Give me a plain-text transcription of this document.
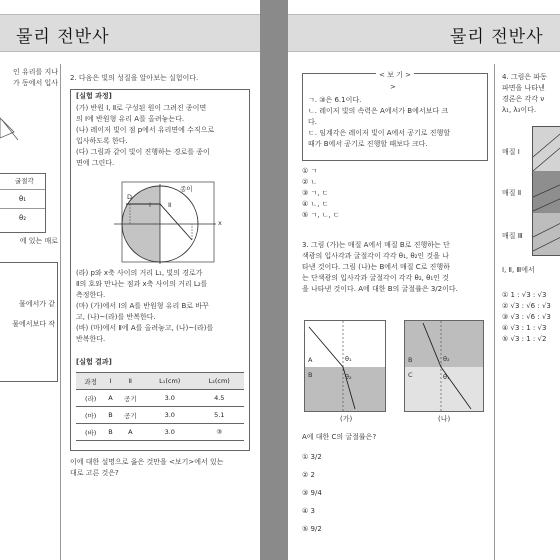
물리 전반사
인 유리를 지나
가 동에서 입사
굴절각
θ₁
θ₂
에 있는 매로
물에서가 같
물에서보다 작
2. 다음은 빛의 성질을 알아보는 실험이다.
[실험 과정]
(가) 반원 Ⅰ, Ⅱ로 구성된 원이 그려진 종이면
의 Ⅰ에 반원형 유리 A를 올려놓는다.
(나) 레이저 빛이 점 p에서 유리면에 수직으로
입사하도록 한다.
(다) 그림과 같이 빛이 진행하는 경로를 종이
면에 그린다.
종이
Ⅰ	Ⅱ
D
x
(라) p와 x축 사이의 거리 L₁, 빛의 경로가
Ⅱ의 호와 만나는 점과 x축 사이의 거리 L₂를
측정한다.
(마) (가)에서 Ⅰ의 A를 반원형 유리 B로 바꾸
고, (나)~(라)를 반복한다.
(바) (마)에서 Ⅱ에 A를 올려놓고, (나)~(라)를
반복한다.
[실험 결과]
과정	Ⅰ	Ⅱ	L₁(cm)	L₂(cm)
(라)	A	공기	3.0	4.5
(마)	B	공기	3.0	5.1
(바)	B	A	3.0	③
이에 대한 설명으로 옳은 것만을 <보기>에서 있는
대로 고른 것은?
물리 전반사
< 보 기 >
>
ㄱ. ③은 6.1이다.
ㄴ. 레이저 빛의 속력은 A에서가 B에서보다 크
다.
ㄷ. 임계각은 레이저 빛이 A에서 공기로 진행할
때가 B에서 공기로 진행할 때보다 크다.
① ㄱ
② ㄴ
③ ㄱ, ㄷ
④ ㄴ, ㄷ
⑤ ㄱ, ㄴ, ㄷ
3. 그림 (가)는 매질 A에서 매질 B로 진행하는 단
색광의 입사각과 굴절각이 각각 θ₁, θ₂인 것을 나
타낸 것이다. 그림 (나)는 B에서 매질 C로 진행하
는 단색광의 입사각과 굴절각이 각각 θ₂, θ₁인 것
을 나타낸 것이다. A에 대한 B의 굴절률은 3/2이다.
A
B
θ₁
θ₂
(가)
B
C
θ₂
θ₁
(나)
A에 대한 C의 굴절률은?
① 3/2
② 2
③ 9/4
④ 3
⑤ 9/2
4. 그림은 파동
파면을 나타낸
경론은 각각 ν
λ₁, λ₃이다.
매질 Ⅰ
매질 Ⅱ
매질 Ⅲ
Ⅰ, Ⅱ, Ⅲ에서
① 1 : √3 : √3
② √3 : √6 : √3
③ √3 : √6 : √3
④ √3 : 1 : √3
⑤ √3 : 1 : √2
